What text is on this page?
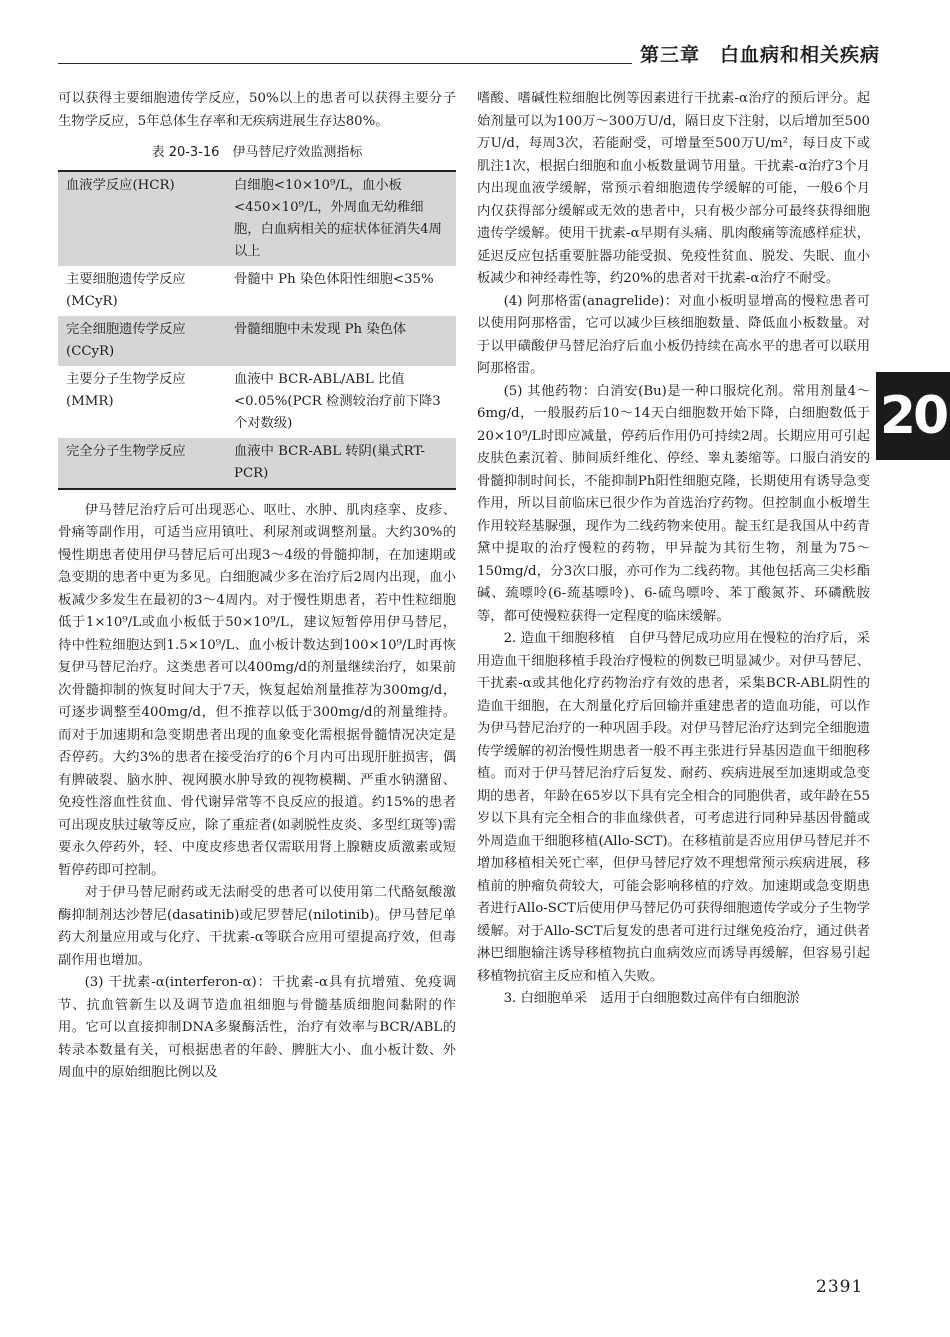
第三章　白血病和相关疾病

可以获得主要细胞遗传学反应，50%以上的患者可以获得主要分子生物学反应，5年总体生存率和无疾病进展生存达80%。

表 20-3-16　伊马替尼疗效监测指标
血液学反应(HCR)	白细胞<10×10⁹/L，血小板<450×10⁹/L，外周血无幼稚细胞，白血病相关的症状体征消失4周以上
主要细胞遗传学反应(MCyR)	骨髓中 Ph 染色体阳性细胞<35%
完全细胞遗传学反应(CCyR)	骨髓细胞中未发现 Ph 染色体
主要分子生物学反应(MMR)	血液中 BCR-ABL/ABL 比值<0.05%(PCR 检测较治疗前下降3个对数级)
完全分子生物学反应	血液中 BCR-ABL 转阴(巢式RT-PCR)

伊马替尼治疗后可出现恶心、呕吐、水肿、肌肉痉挛、皮疹、骨痛等副作用，可适当应用镇吐、利尿剂或调整剂量。大约30%的慢性期患者使用伊马替尼后可出现3～4级的骨髓抑制，在加速期或急变期的患者中更为多见。白细胞减少多在治疗后2周内出现，血小板减少多发生在最初的3～4周内。对于慢性期患者，若中性粒细胞低于1×10⁹/L或血小板低于50×10⁹/L，建议短暂停用伊马替尼，待中性粒细胞达到1.5×10⁹/L、血小板计数达到100×10⁹/L时再恢复伊马替尼治疗。这类患者可以400mg/d的剂量继续治疗，如果前次骨髓抑制的恢复时间大于7天，恢复起始剂量推荐为300mg/d，可逐步调整至400mg/d，但不推荐以低于300mg/d的剂量维持。而对于加速期和急变期患者出现的血象变化需根据骨髓情况决定是否停药。大约3%的患者在接受治疗的6个月内可出现肝脏损害，偶有脾破裂、脑水肿、视网膜水肿导致的视物模糊、严重水钠潴留、免疫性溶血性贫血、骨代谢异常等不良反应的报道。约15%的患者可出现皮肤过敏等反应，除了重症者(如剥脱性皮炎、多型红斑等)需要永久停药外，轻、中度皮疹患者仅需联用肾上腺糖皮质激素或短暂停药即可控制。

对于伊马替尼耐药或无法耐受的患者可以使用第二代酪氨酸激酶抑制剂达沙替尼(dasatinib)或尼罗替尼(nilotinib)。伊马替尼单药大剂量应用或与化疗、干扰素-α等联合应用可望提高疗效，但毒副作用也增加。

(3) 干扰素-α(interferon-α)：干扰素-α具有抗增殖、免疫调节、抗血管新生以及调节造血祖细胞与骨髓基质细胞间黏附的作用。它可以直接抑制DNA多聚酶活性，治疗有效率与BCR/ABL的转录本数量有关，可根据患者的年龄、脾脏大小、血小板计数、外周血中的原始细胞比例以及

嗜酸、嗜碱性粒细胞比例等因素进行干扰素-α治疗的预后评分。起始剂量可以为100万～300万U/d，隔日皮下注射，以后增加至500万U/d，每周3次，若能耐受，可增量至500万U/m²，每日皮下或肌注1次，根据白细胞和血小板数量调节用量。干扰素-α治疗3个月内出现血液学缓解，常预示着细胞遗传学缓解的可能，一般6个月内仅获得部分缓解或无效的患者中，只有极少部分可最终获得细胞遗传学缓解。使用干扰素-α早期有头痛、肌肉酸痛等流感样症状，延迟反应包括重要脏器功能受损、免疫性贫血、脱发、失眠、血小板减少和神经毒性等，约20%的患者对干扰素-α治疗不耐受。

(4) 阿那格雷(anagrelide)：对血小板明显增高的慢粒患者可以使用阿那格雷，它可以减少巨核细胞数量、降低血小板数量。对于以甲磺酸伊马替尼治疗后血小板仍持续在高水平的患者可以联用阿那格雷。

(5) 其他药物：白消安(Bu)是一种口服烷化剂。常用剂量4～6mg/d，一般服药后10～14天白细胞数开始下降，白细胞数低于20×10⁹/L时即应减量，停药后作用仍可持续2周。长期应用可引起皮肤色素沉着、肺间质纤维化、停经、睾丸萎缩等。口服白消安的骨髓抑制时间长，不能抑制Ph阳性细胞克隆，长期使用有诱导急变作用，所以目前临床已很少作为首选治疗药物。但控制血小板增生作用较羟基脲强，现作为二线药物来使用。靛玉红是我国从中药青黛中提取的治疗慢粒的药物，甲异靛为其衍生物，剂量为75～150mg/d，分3次口服，亦可作为二线药物。其他包括高三尖杉酯碱、巯嘌呤(6-巯基嘌呤)、6-硫鸟嘌呤、苯丁酸氮芥、环磷酰胺等，都可使慢粒获得一定程度的临床缓解。

2. 造血干细胞移植　自伊马替尼成功应用在慢粒的治疗后，采用造血干细胞移植手段治疗慢粒的例数已明显减少。对伊马替尼、干扰素-α或其他化疗药物治疗有效的患者，采集BCR-ABL阴性的造血干细胞，在大剂量化疗后回输并重建患者的造血功能，可以作为伊马替尼治疗的一种巩固手段。对伊马替尼治疗达到完全细胞遗传学缓解的初治慢性期患者一般不再主张进行异基因造血干细胞移植。而对于伊马替尼治疗后复发、耐药、疾病进展至加速期或急变期的患者，年龄在65岁以下具有完全相合的同胞供者，或年龄在55岁以下具有完全相合的非血缘供者，可考虑进行同种异基因骨髓或外周造血干细胞移植(Allo-SCT)。在移植前是否应用伊马替尼并不增加移植相关死亡率，但伊马替尼疗效不理想常预示疾病进展，移植前的肿瘤负荷较大，可能会影响移植的疗效。加速期或急变期患者进行Allo-SCT后使用伊马替尼仍可获得细胞遗传学或分子生物学缓解。对于Allo-SCT后复发的患者可进行过继免疫治疗，通过供者淋巴细胞输注诱导移植物抗白血病效应而诱导再缓解，但容易引起移植物抗宿主反应和植入失败。

3. 白细胞单采　适用于白细胞数过高伴有白细胞淤

20
2391
